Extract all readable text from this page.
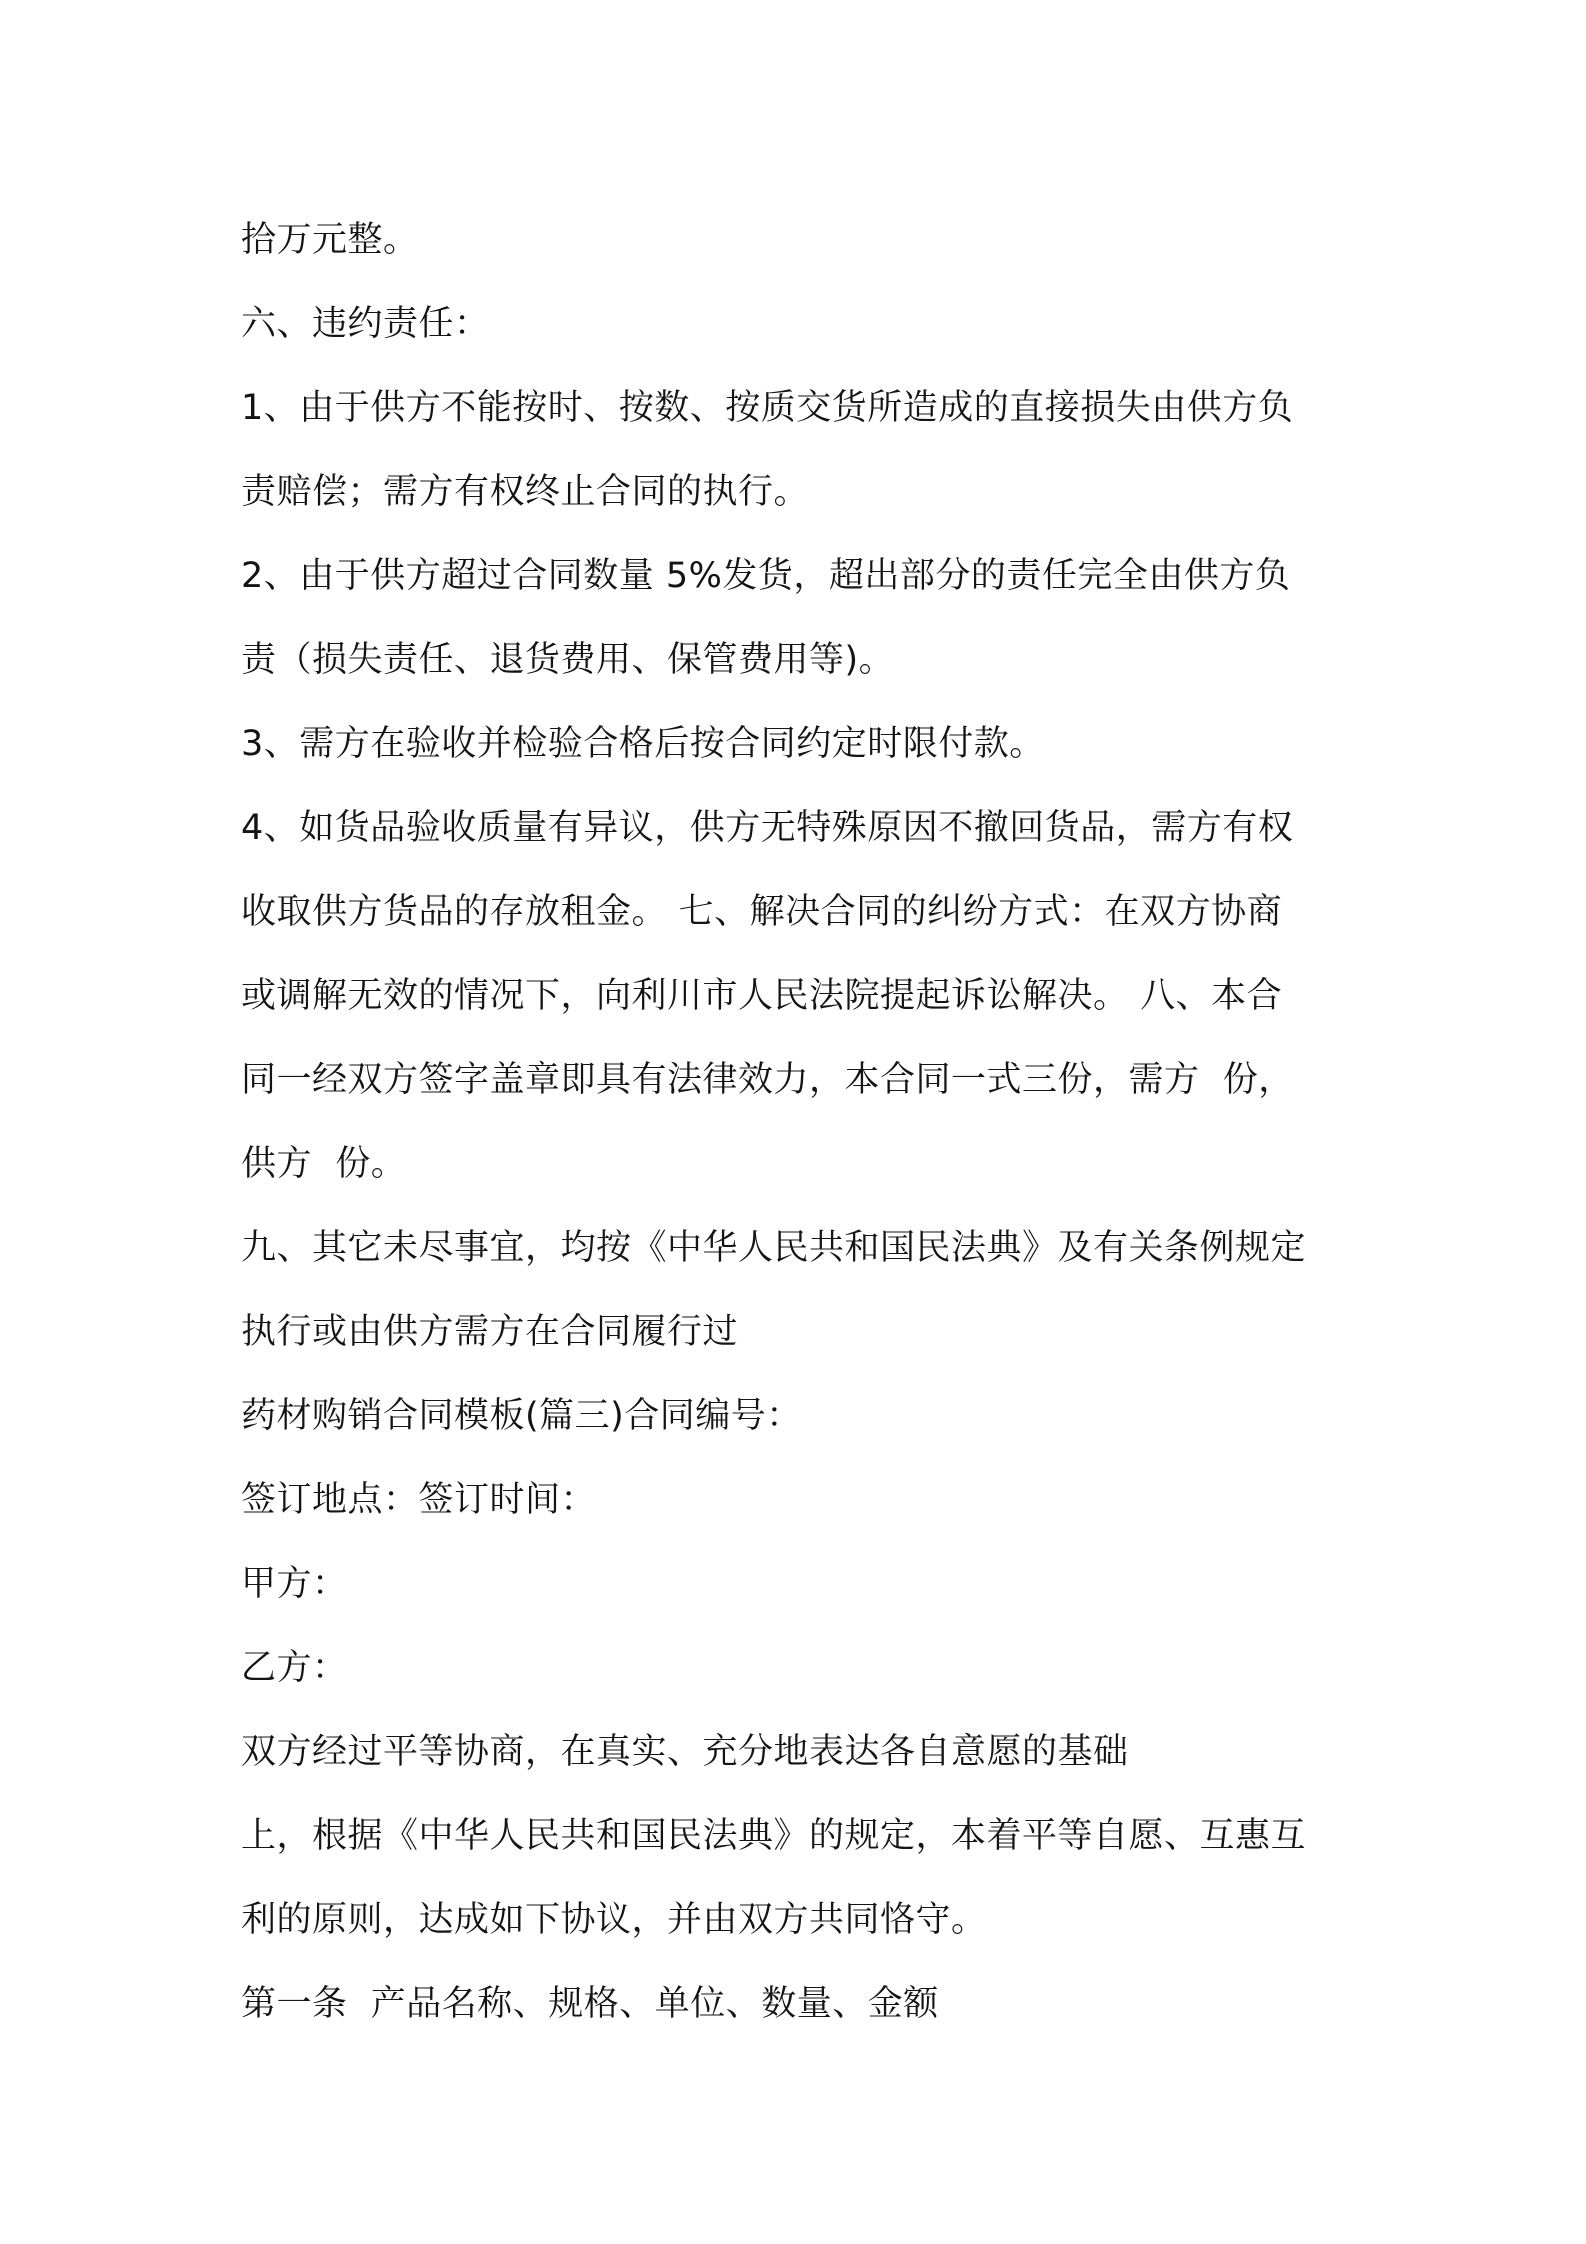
拾万元整。
六、违约责任：
1、由于供方不能按时、按数、按质交货所造成的直接损失由供方负
责赔偿；需方有权终止合同的执行。
2、由于供方超过合同数量 5%发货，超出部分的责任完全由供方负
责（损失责任、退货费用、保管费用等)。
3、需方在验收并检验合格后按合同约定时限付款。
4、如货品验收质量有异议，供方无特殊原因不撤回货品，需方有权
收取供方货品的存放租金。 七、解决合同的纠纷方式：在双方协商
或调解无效的情况下，向利川市人民法院提起诉讼解决。 八、本合
同一经双方签字盖章即具有法律效力，本合同一式三份，需方  份，
供方  份。
九、其它未尽事宜，均按《中华人民共和国民法典》及有关条例规定
执行或由供方需方在合同履行过
药材购销合同模板(篇三)合同编号：
签订地点：签订时间：
甲方：
乙方：
双方经过平等协商，在真实、充分地表达各自意愿的基础
上，根据《中华人民共和国民法典》的规定，本着平等自愿、互惠互
利的原则，达成如下协议，并由双方共同恪守。
第一条  产品名称、规格、单位、数量、金额
